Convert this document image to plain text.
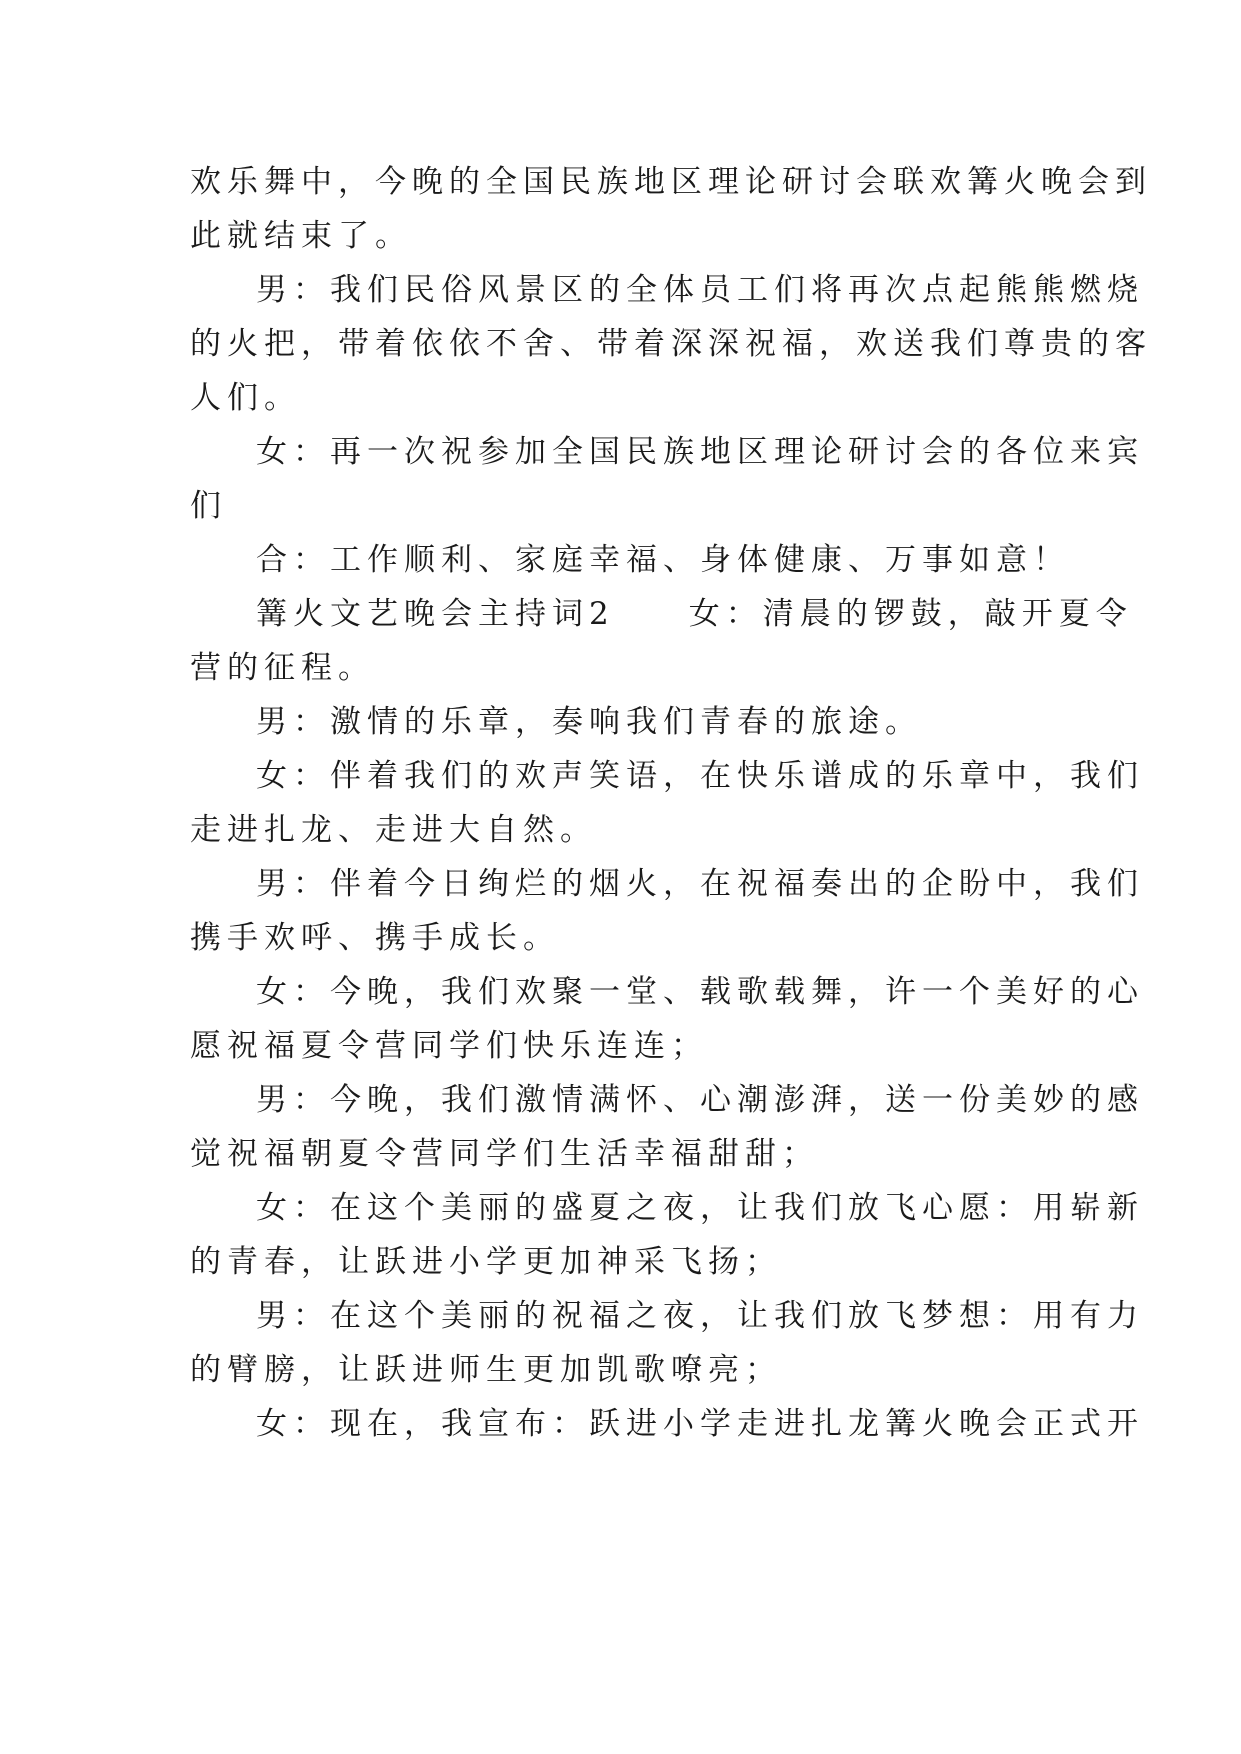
欢乐舞中，今晚的全国民族地区理论研讨会联欢篝火晚会到
此就结束了。
男：我们民俗风景区的全体员工们将再次点起熊熊燃烧
的火把，带着依依不舍、带着深深祝福，欢送我们尊贵的客
人们。
女：再一次祝参加全国民族地区理论研讨会的各位来宾
们
合：工作顺利、家庭幸福、身体健康、万事如意！
篝火文艺晚会主持词2　　女：清晨的锣鼓，敲开夏令
营的征程。
男：激情的乐章，奏响我们青春的旅途。
女：伴着我们的欢声笑语，在快乐谱成的乐章中，我们
走进扎龙、走进大自然。
男：伴着今日绚烂的烟火，在祝福奏出的企盼中，我们
携手欢呼、携手成长。
女：今晚，我们欢聚一堂、载歌载舞，许一个美好的心
愿祝福夏令营同学们快乐连连；
男：今晚，我们激情满怀、心潮澎湃，送一份美妙的感
觉祝福朝夏令营同学们生活幸福甜甜；
女：在这个美丽的盛夏之夜，让我们放飞心愿：用崭新
的青春，让跃进小学更加神采飞扬；
男：在这个美丽的祝福之夜，让我们放飞梦想：用有力
的臂膀，让跃进师生更加凯歌嘹亮；
女：现在，我宣布：跃进小学走进扎龙篝火晚会正式开
